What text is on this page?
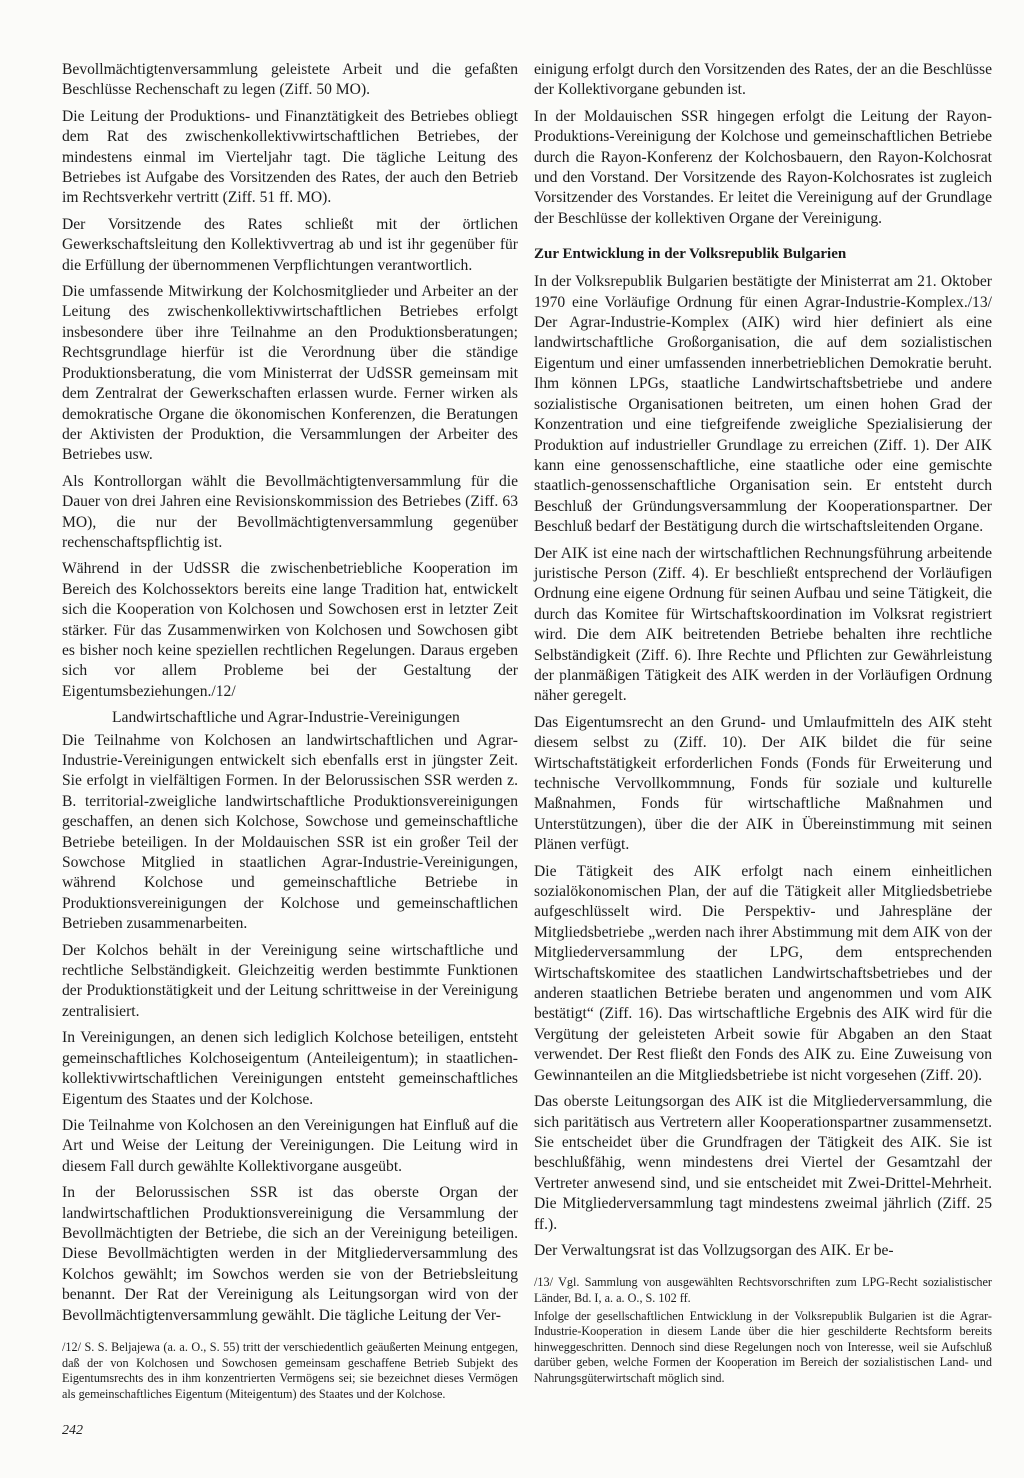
Bevollmächtigtenversammlung geleistete Arbeit und die gefaßten Beschlüsse Rechenschaft zu legen (Ziff. 50 MO).

Die Leitung der Produktions- und Finanztätigkeit des Betriebes obliegt dem Rat des zwischenkollektivwirtschaftlichen Betriebes, der mindestens einmal im Vierteljahr tagt. Die tägliche Leitung des Betriebes ist Aufgabe des Vorsitzenden des Rates, der auch den Betrieb im Rechtsverkehr vertritt (Ziff. 51 ff. MO).

Der Vorsitzende des Rates schließt mit der örtlichen Gewerkschaftsleitung den Kollektivvertrag ab und ist ihr gegenüber für die Erfüllung der übernommenen Verpflichtungen verantwortlich.

Die umfassende Mitwirkung der Kolchosmitglieder und Arbeiter an der Leitung des zwischenkollektivwirtschaftlichen Betriebes erfolgt insbesondere über ihre Teilnahme an den Produktionsberatungen; Rechtsgrundlage hierfür ist die Verordnung über die ständige Produktionsberatung, die vom Ministerrat der UdSSR gemeinsam mit dem Zentralrat der Gewerkschaften erlassen wurde. Ferner wirken als demokratische Organe die ökonomischen Konferenzen, die Beratungen der Aktivisten der Produktion, die Versammlungen der Arbeiter des Betriebes usw.

Als Kontrollorgan wählt die Bevollmächtigtenversammlung für die Dauer von drei Jahren eine Revisionskommission des Betriebes (Ziff. 63 MO), die nur der Bevollmächtigtenversammlung gegenüber rechenschaftspflichtig ist.

Während in der UdSSR die zwischenbetriebliche Kooperation im Bereich des Kolchossektors bereits eine lange Tradition hat, entwickelt sich die Kooperation von Kolchosen und Sowchosen erst in letzter Zeit stärker. Für das Zusammenwirken von Kolchosen und Sowchosen gibt es bisher noch keine speziellen rechtlichen Regelungen. Daraus ergeben sich vor allem Probleme bei der Gestaltung der Eigentumsbeziehungen./12/

Landwirtschaftliche und Agrar-Industrie-Vereinigungen

Die Teilnahme von Kolchosen an landwirtschaftlichen und Agrar-Industrie-Vereinigungen entwickelt sich ebenfalls erst in jüngster Zeit. Sie erfolgt in vielfältigen Formen. In der Belorussischen SSR werden z. B. territorial-zweigliche landwirtschaftliche Produktionsvereinigungen geschaffen, an denen sich Kolchose, Sowchose und gemeinschaftliche Betriebe beteiligen. In der Moldauischen SSR ist ein großer Teil der Sowchose Mitglied in staatlichen Agrar-Industrie-Vereinigungen, während Kolchose und gemeinschaftliche Betriebe in Produktionsvereinigungen der Kolchose und gemeinschaftlichen Betrieben zusammenarbeiten.

Der Kolchos behält in der Vereinigung seine wirtschaftliche und rechtliche Selbständigkeit. Gleichzeitig werden bestimmte Funktionen der Produktionstätigkeit und der Leitung schrittweise in der Vereinigung zentralisiert.

In Vereinigungen, an denen sich lediglich Kolchose beteiligen, entsteht gemeinschaftliches Kolchoseigentum (Anteileigentum); in staatlichen-kollektivwirtschaftlichen Vereinigungen entsteht gemeinschaftliches Eigentum des Staates und der Kolchose.

Die Teilnahme von Kolchosen an den Vereinigungen hat Einfluß auf die Art und Weise der Leitung der Vereinigungen. Die Leitung wird in diesem Fall durch gewählte Kollektivorgane ausgeübt.

In der Belorussischen SSR ist das oberste Organ der landwirtschaftlichen Produktionsvereinigung die Versammlung der Bevollmächtigten der Betriebe, die sich an der Vereinigung beteiligen. Diese Bevollmächtigten werden in der Mitgliederversammlung des Kolchos gewählt; im Sowchos werden sie von der Betriebsleitung benannt. Der Rat der Vereinigung als Leitungsorgan wird von der Bevollmächtigtenversammlung gewählt. Die tägliche Leitung der Ver-

/12/ S. S. Beljajewa (a. a. O., S. 55) tritt der verschiedentlich geäußerten Meinung entgegen, daß der von Kolchosen und Sowchosen gemeinsam geschaffene Betrieb Subjekt des Eigentumsrechts des in ihm konzentrierten Vermögens sei; sie bezeichnet dieses Vermögen als gemeinschaftliches Eigentum (Miteigentum) des Staates und der Kolchose.

einigung erfolgt durch den Vorsitzenden des Rates, der an die Beschlüsse der Kollektivorgane gebunden ist.

In der Moldauischen SSR hingegen erfolgt die Leitung der Rayon-Produktions-Vereinigung der Kolchose und gemeinschaftlichen Betriebe durch die Rayon-Konferenz der Kolchosbauern, den Rayon-Kolchosrat und den Vorstand. Der Vorsitzende des Rayon-Kolchosrates ist zugleich Vorsitzender des Vorstandes. Er leitet die Vereinigung auf der Grundlage der Beschlüsse der kollektiven Organe der Vereinigung.

Zur Entwicklung in der Volksrepublik Bulgarien

In der Volksrepublik Bulgarien bestätigte der Ministerrat am 21. Oktober 1970 eine Vorläufige Ordnung für einen Agrar-Industrie-Komplex./13/ Der Agrar-Industrie-Komplex (AIK) wird hier definiert als eine landwirtschaftliche Großorganisation, die auf dem sozialistischen Eigentum und einer umfassenden innerbetrieblichen Demokratie beruht. Ihm können LPGs, staatliche Landwirtschaftsbetriebe und andere sozialistische Organisationen beitreten, um einen hohen Grad der Konzentration und eine tiefgreifende zweigliche Spezialisierung der Produktion auf industrieller Grundlage zu erreichen (Ziff. 1). Der AIK kann eine genossenschaftliche, eine staatliche oder eine gemischte staatlich-genossenschaftliche Organisation sein. Er entsteht durch Beschluß der Gründungsversammlung der Kooperationspartner. Der Beschluß bedarf der Bestätigung durch die wirtschaftsleitenden Organe.

Der AIK ist eine nach der wirtschaftlichen Rechnungsführung arbeitende juristische Person (Ziff. 4). Er beschließt entsprechend der Vorläufigen Ordnung eine eigene Ordnung für seinen Aufbau und seine Tätigkeit, die durch das Komitee für Wirtschaftskoordination im Volksrat registriert wird. Die dem AIK beitretenden Betriebe behalten ihre rechtliche Selbständigkeit (Ziff. 6). Ihre Rechte und Pflichten zur Gewährleistung der planmäßigen Tätigkeit des AIK werden in der Vorläufigen Ordnung näher geregelt.

Das Eigentumsrecht an den Grund- und Umlaufmitteln des AIK steht diesem selbst zu (Ziff. 10). Der AIK bildet die für seine Wirtschaftstätigkeit erforderlichen Fonds (Fonds für Erweiterung und technische Vervollkommnung, Fonds für soziale und kulturelle Maßnahmen, Fonds für wirtschaftliche Maßnahmen und Unterstützungen), über die der AIK in Übereinstimmung mit seinen Plänen verfügt.

Die Tätigkeit des AIK erfolgt nach einem einheitlichen sozialökonomischen Plan, der auf die Tätigkeit aller Mitgliedsbetriebe aufgeschlüsselt wird. Die Perspektiv- und Jahrespläne der Mitgliedsbetriebe „werden nach ihrer Abstimmung mit dem AIK von der Mitgliederversammlung der LPG, dem entsprechenden Wirtschaftskomitee des staatlichen Landwirtschaftsbetriebes und der anderen staatlichen Betriebe beraten und angenommen und vom AIK bestätigt“ (Ziff. 16). Das wirtschaftliche Ergebnis des AIK wird für die Vergütung der geleisteten Arbeit sowie für Abgaben an den Staat verwendet. Der Rest fließt den Fonds des AIK zu. Eine Zuweisung von Gewinnanteilen an die Mitgliedsbetriebe ist nicht vorgesehen (Ziff. 20).

Das oberste Leitungsorgan des AIK ist die Mitgliederversammlung, die sich paritätisch aus Vertretern aller Kooperationspartner zusammensetzt. Sie entscheidet über die Grundfragen der Tätigkeit des AIK. Sie ist beschlußfähig, wenn mindestens drei Viertel der Gesamtzahl der Vertreter anwesend sind, und sie entscheidet mit Zwei-Drittel-Mehrheit. Die Mitgliederversammlung tagt mindestens zweimal jährlich (Ziff. 25 ff.).

Der Verwaltungsrat ist das Vollzugsorgan des AIK. Er be-

/13/ Vgl. Sammlung von ausgewählten Rechtsvorschriften zum LPG-Recht sozialistischer Länder, Bd. I, a. a. O., S. 102 ff.

Infolge der gesellschaftlichen Entwicklung in der Volksrepublik Bulgarien ist die Agrar-Industrie-Kooperation in diesem Lande über die hier geschilderte Rechtsform bereits hinweggeschritten. Dennoch sind diese Regelungen noch von Interesse, weil sie Aufschluß darüber geben, welche Formen der Kooperation im Bereich der sozialistischen Land- und Nahrungsgüterwirtschaft möglich sind.

242
